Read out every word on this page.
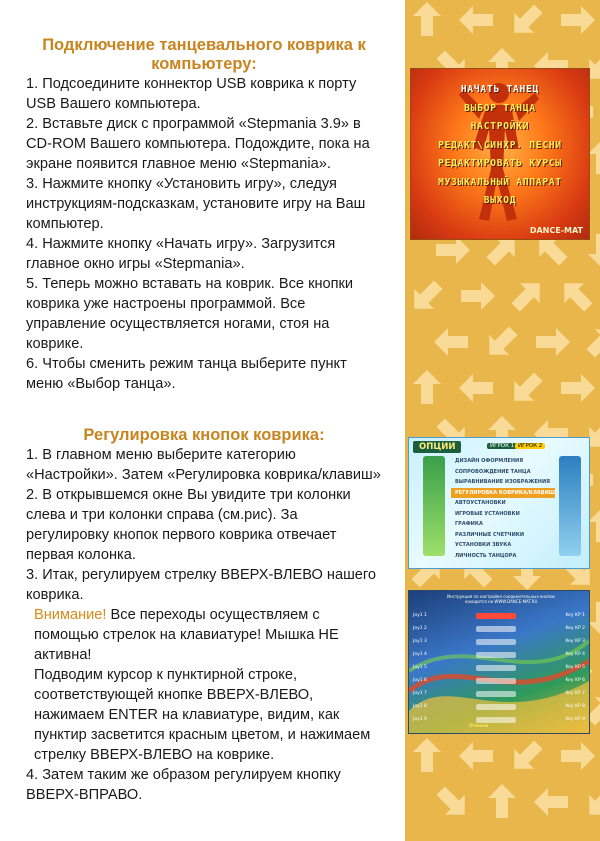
Подключение танцевального коврика к компьютеру:
1. Подсоедините коннектор USB коврика к порту USB Вашего компьютера.
2. Вставьте диск с программой «Stepmania 3.9» в CD-ROM Вашего компьютера. Подождите, пока на экране появится главное меню «Stepmania».
3. Нажмите кнопку «Установить игру», следуя инструкциям-подсказкам, установите игру на Ваш компьютер.
4. Нажмите кнопку «Начать игру». Загрузится главное окно игры «Stepmania».
5. Теперь можно вставать на коврик. Все кнопки коврика уже настроены программой. Все управление осуществляется ногами, стоя на коврике.
6. Чтобы сменить режим танца выберите пункт меню «Выбор танца».
Регулировка кнопок коврика:
1. В главном меню выберите категорию «Настройки». Затем «Регулировка коврика/клавиш»
2. В открывшемся окне Вы увидите три колонки слева и три колонки справа (см.рис). За регулировку кнопок первого коврика отвечает первая колонка.
3. Итак, регулируем стрелку ВВЕРХ-ВЛЕВО нашего коврика.
Внимание! Все переходы осуществляем с помощью стрелок на клавиатуре! Мышка НЕ активна!
Подводим курсор к пунктирной строке, соответствующей кнопке ВВЕРХ-ВЛЕВО, нажимаем ENTER на клавиатуре, видим, как пунктир засветится красным цветом, и нажимаем стрелку ВВЕРХ-ВЛЕВО на коврике.
4. Затем таким же образом регулируем кнопку ВВЕРХ-ВПРАВО.
НАЧАТЬ ТАНЕЦ
ВЫБОР ТАНЦА
НАСТРОЙКИ
РЕДАКТ\СИНХР. ПЕСНИ
РЕДАКТИРОВАТЬ КУРСЫ
МУЗЫКАЛЬНЫЙ АППАРАТ
ВЫХОД
DANCE-MAT
ОПЦИИ	ИГРОК 1 ИГРОК 2
ДИЗАЙН ОФОРМЛЕНИЯ
СОПРОВОЖДЕНИЕ ТАНЦА
ВЫРАВНИВАНИЕ ИЗОБРАЖЕНИЯ
РЕГУЛИРОВКА КОВРИКА/КЛАВИШ
АВТОУСТАНОВКИ
ИГРОВЫЕ УСТАНОВКИ
ГРАФИКА
РАЗЛИЧНЫЕ СЧЕТЧИКИ
УСТАНОВКИ ЗВУКА
ЛИЧНОСТЬ ТАНЦОРА
Инструкция по настройке соединительных кнопок находится на WWW.DANCE-MAT.RU
Joy1 1	Key KP 1
Joy1 2	Key KP 2
Joy1 3	Key KP 3
Joy1 4	Key KP 4
Joy1 5	Key KP 5
Joy1 6	Key KP 6
Joy1 7	Key KP 7
Joy1 8	Key KP 8
Joy1 9	Key KP 9
Отмена
